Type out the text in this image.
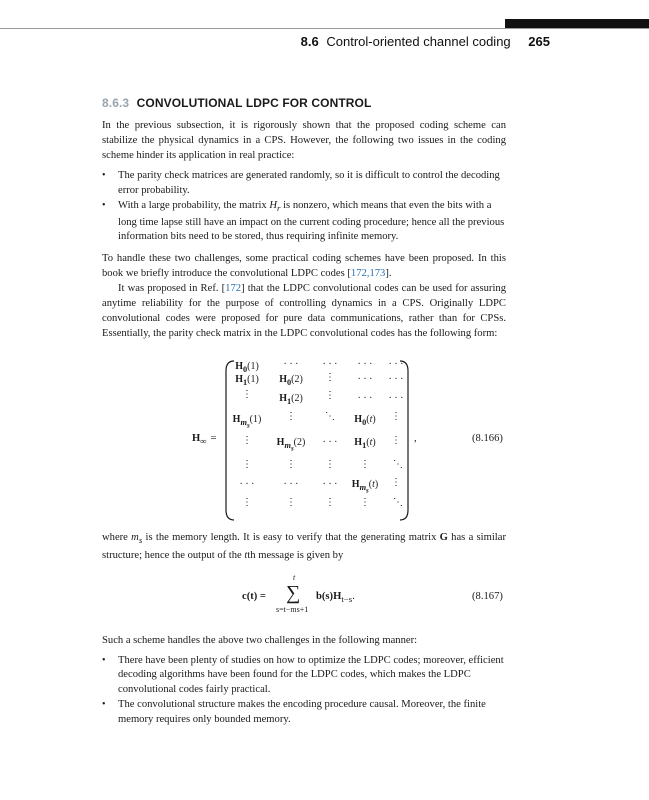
8.6 Control-oriented channel coding 265
8.6.3 CONVOLUTIONAL LDPC FOR CONTROL

In the previous subsection, it is rigorously shown that the proposed coding scheme can stabilize the physical dynamics in a CPS. However, the following two issues in the coding scheme hinder its application in real practice:

• The parity check matrices are generated randomly, so it is difficult to control the decoding error probability.
• With a large probability, the matrix $H_r$ is nonzero, which means that even the bits with a long time lapse still have an impact on the current coding procedure; hence all the previous information bits need to be stored, thus requiring infinite memory.

To handle these two challenges, some practical coding schemes have been proposed. In this book we briefly introduce the convolutional LDPC codes [172,173].

It was proposed in Ref. [172] that the LDPC convolutional codes can be used for assuring anytime reliability for the purpose of controlling dynamics in a CPS. Originally LDPC convolutional codes were proposed for pure data communications, rather than for CPSs. Essentially, the parity check matrix in the LDPC convolutional codes has the following form:

$H_\infty$ =
$H_0(1)$
$H_1(1)$
⋮
$H_{m_s}(1)$
⋮
⋮
· · ·
⋮
· · ·
$H_0(2)$
$H_1(2)$
⋮
$H_{m_s}(2)$
⋮
· · ·
⋮
· · ·
⋮
⋮
⋱
· · ·
⋮
· · ·
⋮
· · ·
· · ·
· · ·
$H_0(t)$
$H_1(t)$
⋮
$H_{m_s}(t)$
⋮
· · ·
· · ·
· · ·
⋮
⋮
⋱
⋮
⋱
,	(8.166)

where $m_s$ is the memory length. It is easy to verify that the generating matrix G has a similar structure; hence the output of the tth message is given by

c(t) =
t
∑
s=t−ms+1
$b(s)H_{t-s}$.	(8.167)

Such a scheme handles the above two challenges in the following manner:

• There have been plenty of studies on how to optimize the LDPC codes; moreover, efficient decoding algorithms have been found for the LDPC codes, which makes the LDPC convolutional codes fairly practical.
• The convolutional structure makes the encoding procedure causal. Moreover, the finite memory requires only bounded memory.
